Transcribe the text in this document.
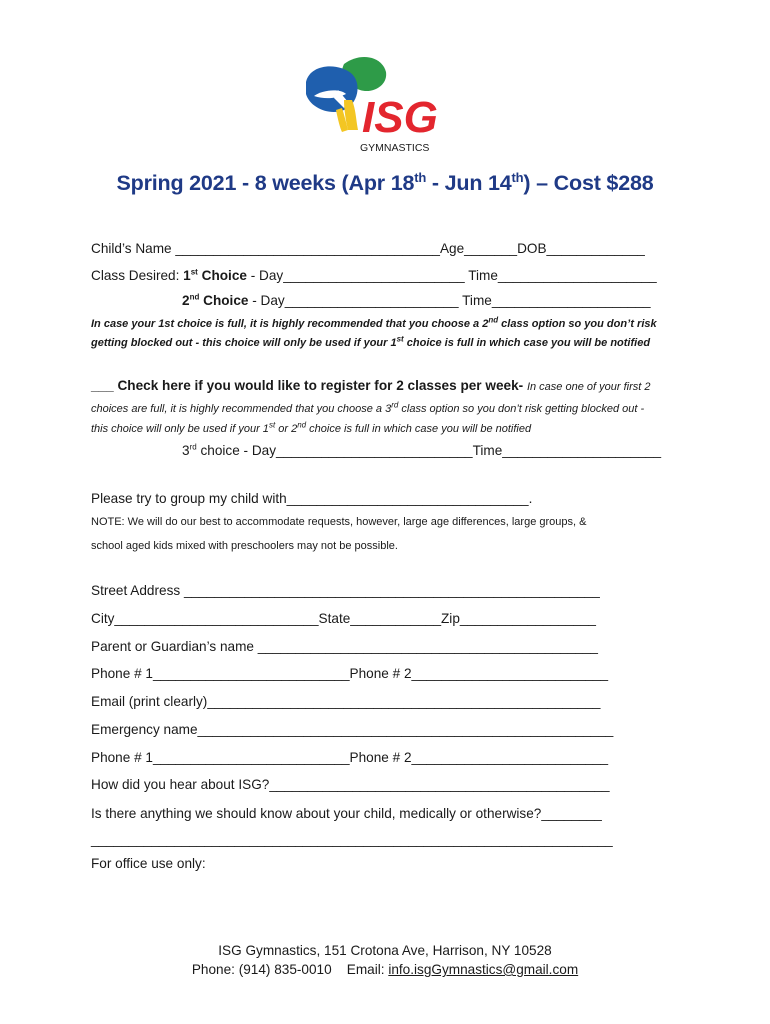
ISG
GYMNASTICS
Spring 2021 - 8 weeks (Apr 18th - Jun 14th) – Cost $288
Child’s Name ___________________________________Age_______DOB_____________
Class Desired: 1st Choice - Day________________________ Time_____________________
2nd Choice - Day_______________________ Time_____________________
In case your 1st choice is full, it is highly recommended that you choose a 2nd class option so you don’t risk
getting blocked out - this choice will only be used if your 1st choice is full in which case you will be notified
___ Check here if you would like to register for 2 classes per week- In case one of your first 2
choices are full, it is highly recommended that you choose a 3rd class option so you don’t risk getting blocked out -
this choice will only be used if your 1st or 2nd choice is full in which case you will be notified
3rd choice - Day__________________________Time_____________________
Please try to group my child with________________________________.
NOTE: We will do our best to accommodate requests, however, large age differences, large groups, &
school aged kids mixed with preschoolers may not be possible.
Street Address _______________________________________________________
City___________________________State____________Zip__________________
Parent or Guardian’s name _____________________________________________
Phone # 1__________________________Phone # 2__________________________
Email (print clearly)____________________________________________________
Emergency name_______________________________________________________
Phone # 1__________________________Phone # 2__________________________
How did you hear about ISG?_____________________________________________
Is there anything we should know about your child, medically or otherwise?________
_____________________________________________________________________
For office use only:
ISG Gymnastics, 151 Crotona Ave, Harrison, NY 10528
Phone: (914) 835-0010 Email: info.isgGymnastics@gmail.com
